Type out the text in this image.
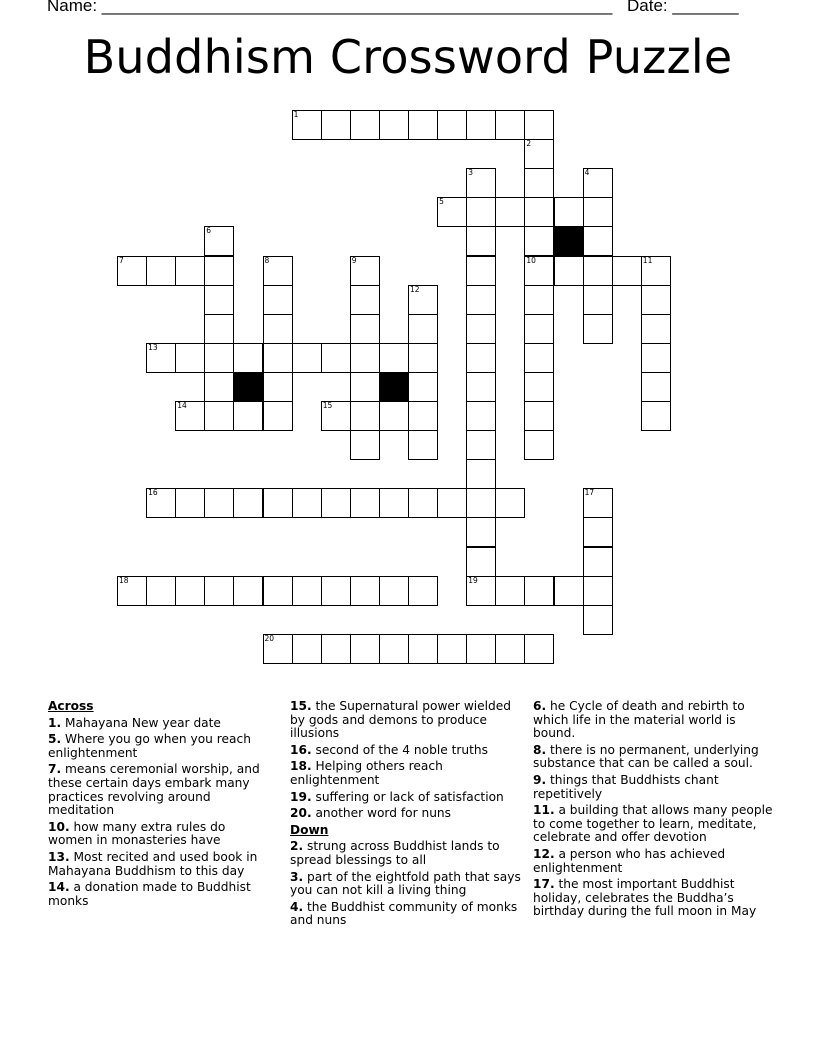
Name: ______________________________________________________ Date: _______
Buddhism Crossword Puzzle
1
2
3	4
5
6
7	8	9	10	11
12
13
14	15
16	17
18	19
20
Across
1. Mahayana New year date
5. Where you go when you reach enlightenment
7. means ceremonial worship, and these certain days embark many practices revolving around meditation
10. how many extra rules do women in monasteries have
13. Most recited and used book in Mahayana Buddhism to this day
14. a donation made to Buddhist monks
15. the Supernatural power wielded by gods and demons to produce illusions
16. second of the 4 noble truths
18. Helping others reach enlightenment
19. suffering or lack of satisfaction
20. another word for nuns
Down
2. strung across Buddhist lands to spread blessings to all
3. part of the eightfold path that says you can not kill a living thing
4. the Buddhist community of monks and nuns
6. he Cycle of death and rebirth to which life in the material world is bound.
8. there is no permanent, underlying substance that can be called a soul.
9. things that Buddhists chant repetitively
11. a building that allows many people to come together to learn, meditate, celebrate and offer devotion
12. a person who has achieved enlightenment
17. the most important Buddhist holiday, celebrates the Buddha’s birthday during the full moon in May
